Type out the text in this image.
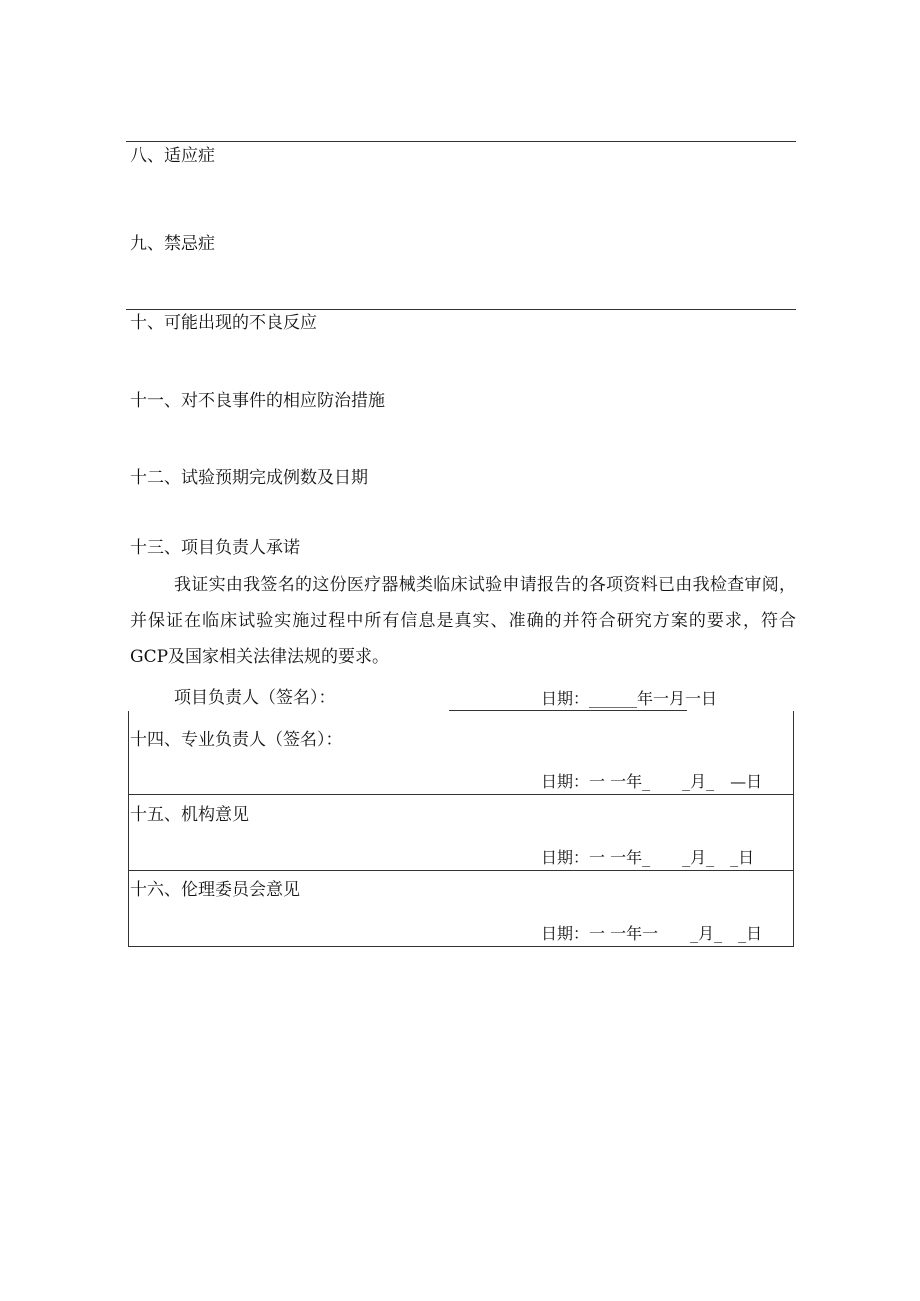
八、适应症
九、禁忌症
十、可能出现的不良反应
十一、对不良事件的相应防治措施
十二、试验预期完成例数及日期
十三、项目负责人承诺
我证实由我签名的这份医疗器械类临床试验申请报告的各项资料已由我检查审阅，并保证在临床试验实施过程中所有信息是真实、准确的并符合研究方案的要求，符合GCP及国家相关法律法规的要求。
项目负责人（签名）：	日期：______年一月一日
十四、专业负责人（签名）：
日期：一 一年_　　_月_　—日
十五、机构意见
日期：一 一年_　　_月_　_日
十六、伦理委员会意见
日期：一 一年一　　_月_　_日
